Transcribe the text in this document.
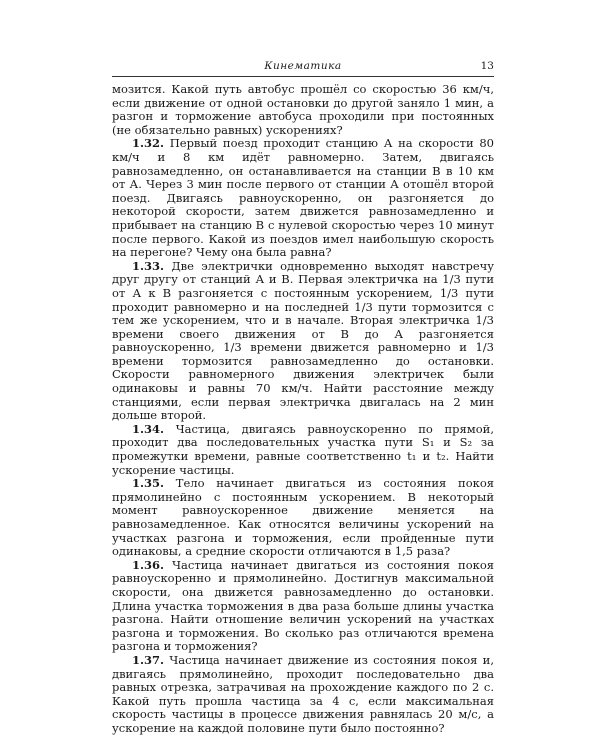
Кинематика	13

мозится. Какой путь автобус прошёл со скоростью 36 км/ч, если движение от одной остановки до другой заняло 1 мин, а разгон и торможение автобуса проходили при постоянных (не обязательно равных) ускорениях?

1.32. Первый поезд проходит станцию А на скорости 80 км/ч и 8 км идёт равномерно. Затем, двигаясь равнозамедленно, он останавливается на станции В в 10 км от А. Через 3 мин после первого от станции А отошёл второй поезд. Двигаясь равноускоренно, он разгоняется до некоторой скорости, затем движется равнозамедленно и прибывает на станцию В с нулевой скоростью через 10 минут после первого. Какой из поездов имел наибольшую скорость на перегоне? Чему она была равна?

1.33. Две электрички одновременно выходят навстречу друг другу от станций А и В. Первая электричка на 1/3 пути от А к В разгоняется с постоянным ускорением, 1/3 пути проходит равномерно и на последней 1/3 пути тормозится с тем же ускорением, что и в начале. Вторая электричка 1/3 времени своего движения от В до А разгоняется равноускоренно, 1/3 времени движется равномерно и 1/3 времени тормозится равнозамедленно до остановки. Скорости равномерного движения электричек были одинаковы и равны 70 км/ч. Найти расстояние между станциями, если первая электричка двигалась на 2 мин дольше второй.

1.34. Частица, двигаясь равноускоренно по прямой, проходит два последовательных участка пути S₁ и S₂ за промежутки времени, равные соответственно t₁ и t₂. Найти ускорение частицы.

1.35. Тело начинает двигаться из состояния покоя прямолинейно с постоянным ускорением. В некоторый момент равноускоренное движение меняется на равнозамедленное. Как относятся величины ускорений на участках разгона и торможения, если пройденные пути одинаковы, а средние скорости отличаются в 1,5 раза?

1.36. Частица начинает двигаться из состояния покоя равноускоренно и прямолинейно. Достигнув максимальной скорости, она движется равнозамедленно до остановки. Длина участка торможения в два раза больше длины участка разгона. Найти отношение величин ускорений на участках разгона и торможения. Во сколько раз отличаются времена разгона и торможения?

1.37. Частица начинает движение из состояния покоя и, двигаясь прямолинейно, проходит последовательно два равных отрезка, затрачивая на прохождение каждого по 2 с. Какой путь прошла частица за 4 с, если максимальная скорость частицы в процессе движения равнялась 20 м/с, а ускорение на каждой половине пути было постоянно?
